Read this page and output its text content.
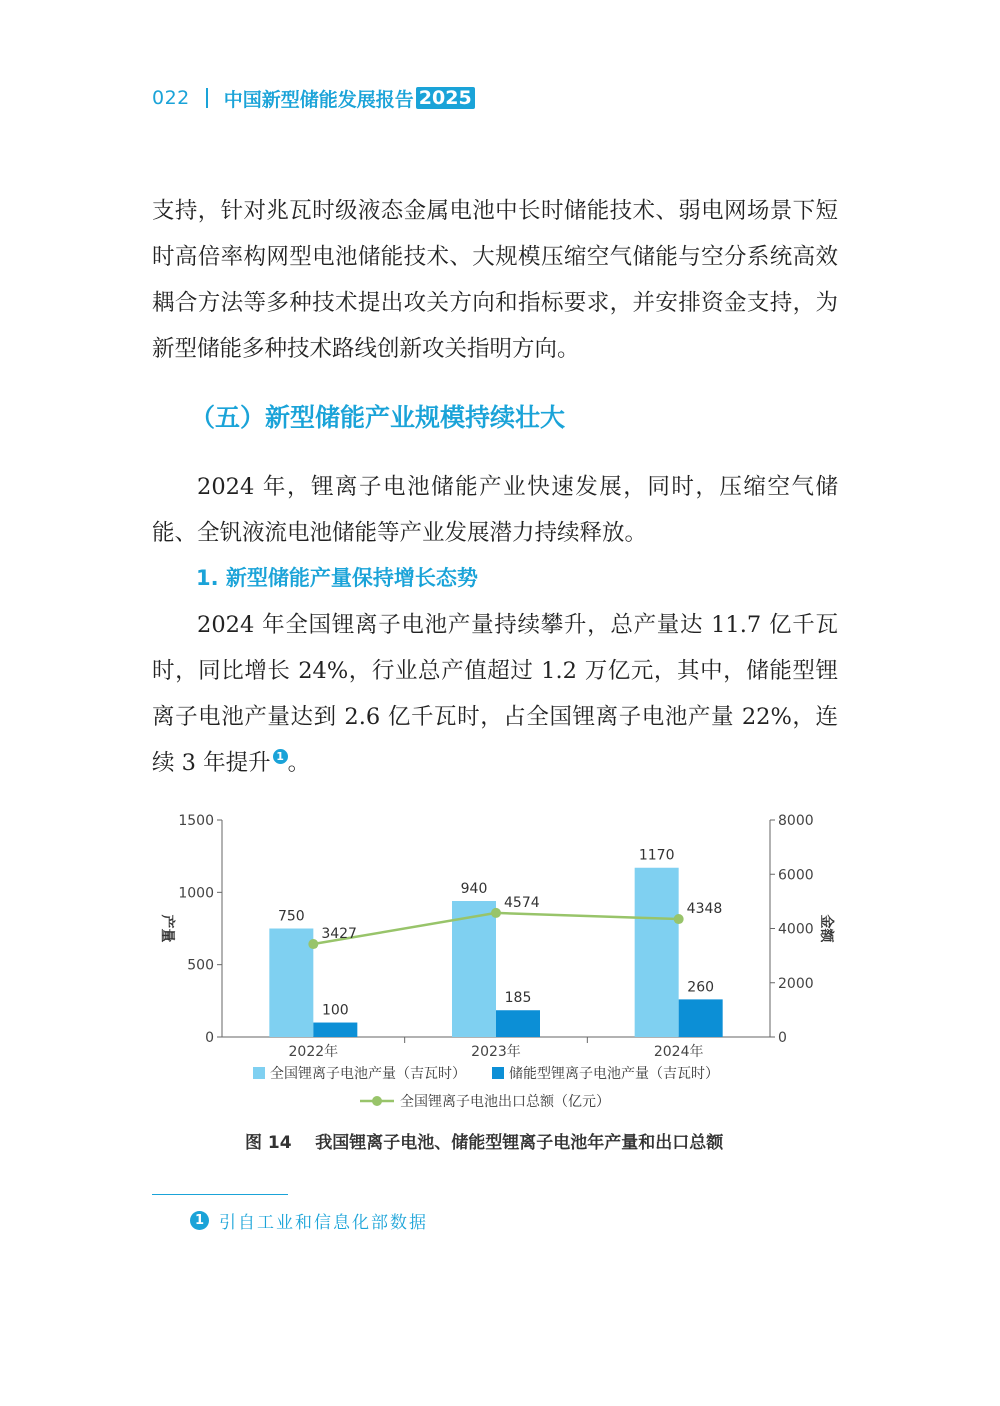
022 中国新型储能发展报告 2025

支持，针对兆瓦时级液态金属电池中长时储能技术、弱电网场景下短时高倍率构网型电池储能技术、大规模压缩空气储能与空分系统高效耦合方法等多种技术提出攻关方向和指标要求，并安排资金支持，为新型储能多种技术路线创新攻关指明方向。

（五）新型储能产业规模持续壮大

2024 年，锂离子电池储能产业快速发展，同时，压缩空气储能、全钒液流电池储能等产业发展潜力持续释放。

1. 新型储能产量保持增长态势

2024 年全国锂离子电池产量持续攀升，总产量达 11.7 亿千瓦时，同比增长 24%，行业总产值超过 1.2 万亿元，其中，储能型锂离子电池产量达到 2.6 亿千瓦时，占全国锂离子电池产量 22%，连续 3 年提升 1 。

0
500
1000
1500
0
2000
4000
6000
8000
产量	金额
2022年	2023年	2024年
750
940
1170
100
185
260
3427
4574	4348
全国锂离子电池产量（吉瓦时）	储能型锂离子电池产量（吉瓦时）
全国锂离子电池出口总额（亿元）

图 14    我国锂离子电池、储能型锂离子电池年产量和出口总额

1 引自工业和信息化部数据
